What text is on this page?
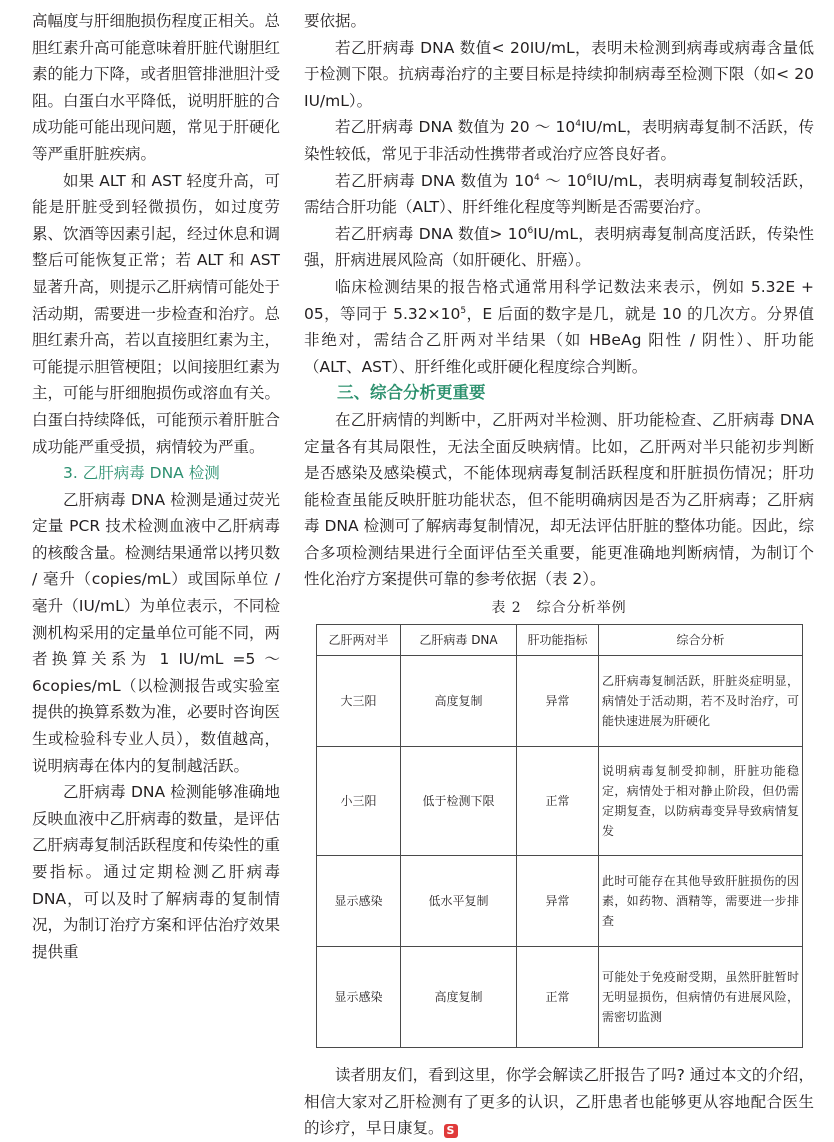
高幅度与肝细胞损伤程度正相关。总胆红素升高可能意味着肝脏代谢胆红素的能力下降，或者胆管排泄胆汁受阻。白蛋白水平降低，说明肝脏的合成功能可能出现问题，常见于肝硬化等严重肝脏疾病。

如果 ALT 和 AST 轻度升高，可能是肝脏受到轻微损伤，如过度劳累、饮酒等因素引起，经过休息和调整后可能恢复正常；若 ALT 和 AST 显著升高，则提示乙肝病情可能处于活动期，需要进一步检查和治疗。总胆红素升高，若以直接胆红素为主，可能提示胆管梗阻；以间接胆红素为主，可能与肝细胞损伤或溶血有关。白蛋白持续降低，可能预示着肝脏合成功能严重受损，病情较为严重。

3. 乙肝病毒 DNA 检测

乙肝病毒 DNA 检测是通过荧光定量 PCR 技术检测血液中乙肝病毒的核酸含量。检测结果通常以拷贝数 / 毫升（copies/mL）或国际单位 / 毫升（IU/mL）为单位表示，不同检测机构采用的定量单位可能不同，两者换算关系为 1 IU/mL =5 ～ 6copies/mL（以检测报告或实验室提供的换算系数为准，必要时咨询医生或检验科专业人员），数值越高，说明病毒在体内的复制越活跃。

乙肝病毒 DNA 检测能够准确地反映血液中乙肝病毒的数量，是评估乙肝病毒复制活跃程度和传染性的重要指标。通过定期检测乙肝病毒 DNA，可以及时了解病毒的复制情况，为制订治疗方案和评估治疗效果提供重

要依据。

若乙肝病毒 DNA 数值< 20IU/mL，表明未检测到病毒或病毒含量低于检测下限。抗病毒治疗的主要目标是持续抑制病毒至检测下限（如< 20 IU/mL）。

若乙肝病毒 DNA 数值为 20 ～ $10^4IU/mL$，表明病毒复制不活跃，传染性较低，常见于非活动性携带者或治疗应答良好者。

若乙肝病毒 DNA 数值为 $10^4$ ～ $10^6IU/mL$，表明病毒复制较活跃，需结合肝功能（ALT）、肝纤维化程度等判断是否需要治疗。

若乙肝病毒 DNA 数值> $10^6IU/mL$，表明病毒复制高度活跃，传染性强，肝病进展风险高（如肝硬化、肝癌）。

临床检测结果的报告格式通常用科学记数法来表示，例如 5.32E + 05，等同于 $5.32\times 10^5$，E 后面的数字是几，就是 10 的几次方。分界值非绝对，需结合乙肝两对半结果（如 HBeAg 阳性 / 阴性）、肝功能（ALT、AST）、肝纤维化或肝硬化程度综合判断。

三、综合分析更重要

在乙肝病情的判断中，乙肝两对半检测、肝功能检查、乙肝病毒 DNA 定量各有其局限性，无法全面反映病情。比如，乙肝两对半只能初步判断是否感染及感染模式，不能体现病毒复制活跃程度和肝脏损伤情况；肝功能检查虽能反映肝脏功能状态，但不能明确病因是否为乙肝病毒；乙肝病毒 DNA 检测可了解病毒复制情况，却无法评估肝脏的整体功能。因此，综合多项检测结果进行全面评估至关重要，能更准确地判断病情，为制订个性化治疗方案提供可靠的参考依据（表 2）。

表 2　综合分析举例
乙肝两对半	乙肝病毒 DNA	肝功能指标	综合分析
大三阳	高度复制	异常	乙肝病毒复制活跃，肝脏炎症明显，病情处于活动期，若不及时治疗，可能快速进展为肝硬化
小三阳	低于检测下限	正常	说明病毒复制受抑制，肝脏功能稳定，病情处于相对静止阶段，但仍需定期复查，以防病毒变异导致病情复发
显示感染	低水平复制	异常	此时可能存在其他导致肝脏损伤的因素，如药物、酒精等，需要进一步排查
显示感染	高度复制	正常	可能处于免疫耐受期，虽然肝脏暂时无明显损伤，但病情仍有进展风险，需密切监测

读者朋友们，看到这里，你学会解读乙肝报告了吗? 通过本文的介绍，相信大家对乙肝检测有了更多的认识，乙肝患者也能够更从容地配合医生的诊疗，早日康复。 S
